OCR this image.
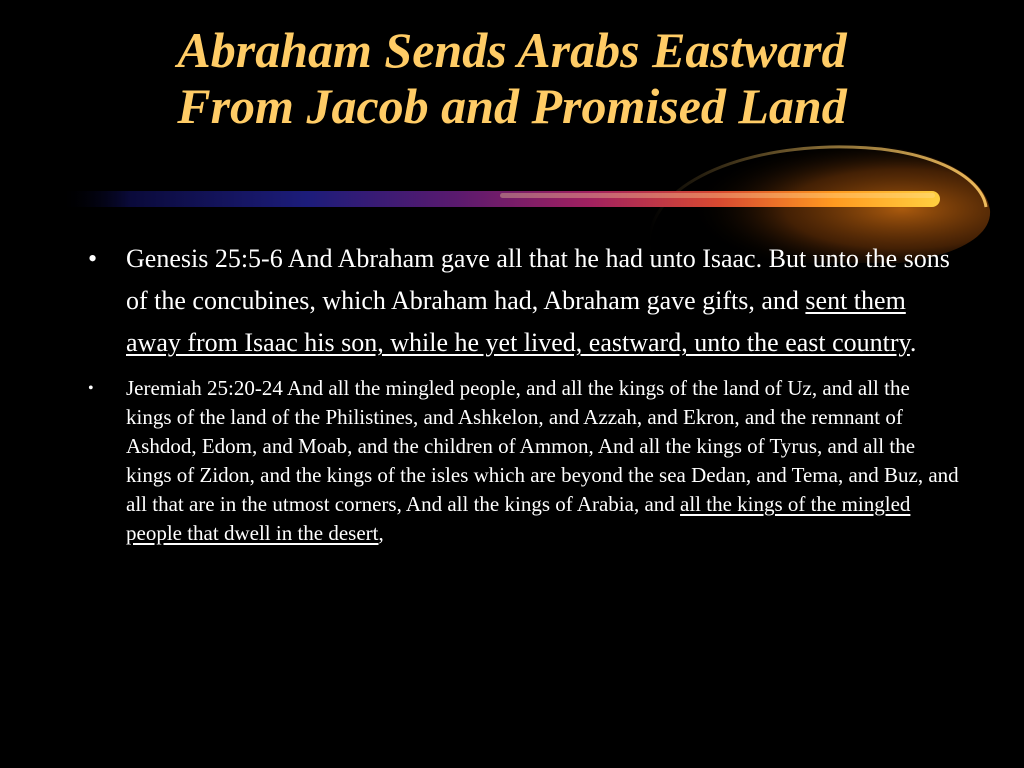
Abraham Sends Arabs Eastward
From Jacob and Promised Land
• Genesis 25:5-6 And Abraham gave all that he had unto Isaac. But unto the sons of the concubines, which Abraham had, Abraham gave gifts, and sent them away from Isaac his son, while he yet lived, eastward, unto the east country.
• Jeremiah 25:20-24 And all the mingled people, and all the kings of the land of Uz, and all the kings of the land of the Philistines, and Ashkelon, and Azzah, and Ekron, and the remnant of Ashdod, Edom, and Moab, and the children of Ammon, And all the kings of Tyrus, and all the kings of Zidon, and the kings of the isles which are beyond the sea Dedan, and Tema, and Buz, and all that are in the utmost corners, And all the kings of Arabia, and all the kings of the mingled people that dwell in the desert,
